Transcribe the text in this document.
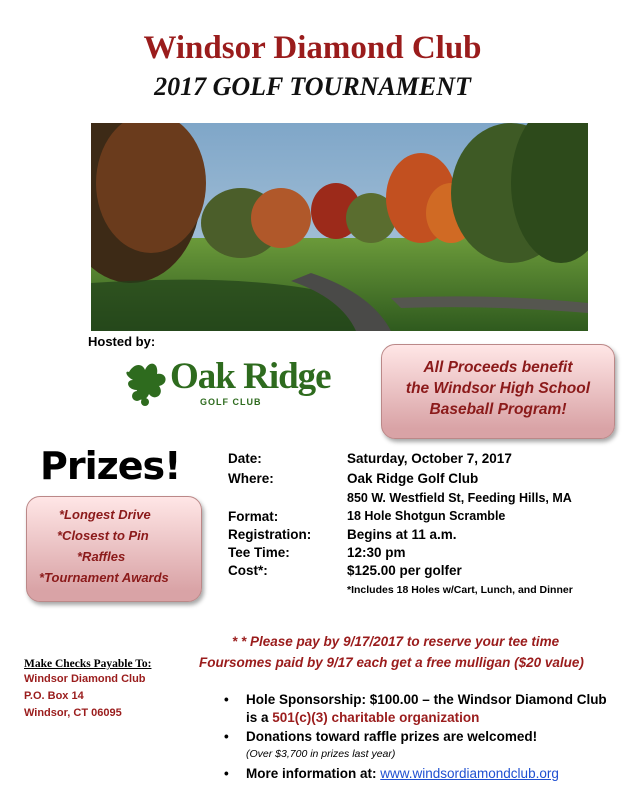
Windsor Diamond Club
2017 GOLF TOURNAMENT
Hosted by:
Oak Ridge
GOLF CLUB
All Proceeds benefit
the Windsor High School
Baseball Program!
Prizes!
*Longest Drive
*Closest to Pin
*Raffles
*Tournament Awards
Date:	Saturday, October 7, 2017
Where:	Oak Ridge Golf Club
850 W. Westfield St, Feeding Hills, MA
Format:	18 Hole Shotgun Scramble
Registration:	Begins at 11 a.m.
Tee Time:	12:30 pm
Cost*:	$125.00 per golfer
*Includes 18 Holes w/Cart, Lunch, and Dinner
* * Please pay by 9/17/2017 to reserve your tee time
Foursomes paid by 9/17 each get a free mulligan ($20 value)
Make Checks Payable To:
Windsor Diamond Club
P.O. Box 14
Windsor, CT 06095
• Hole Sponsorship: $100.00 – the Windsor Diamond Club
is a 501(c)(3) charitable organization
• Donations toward raffle prizes are welcomed!
(Over $3,700 in prizes last year)
• More information at: www.windsordiamondclub.org
